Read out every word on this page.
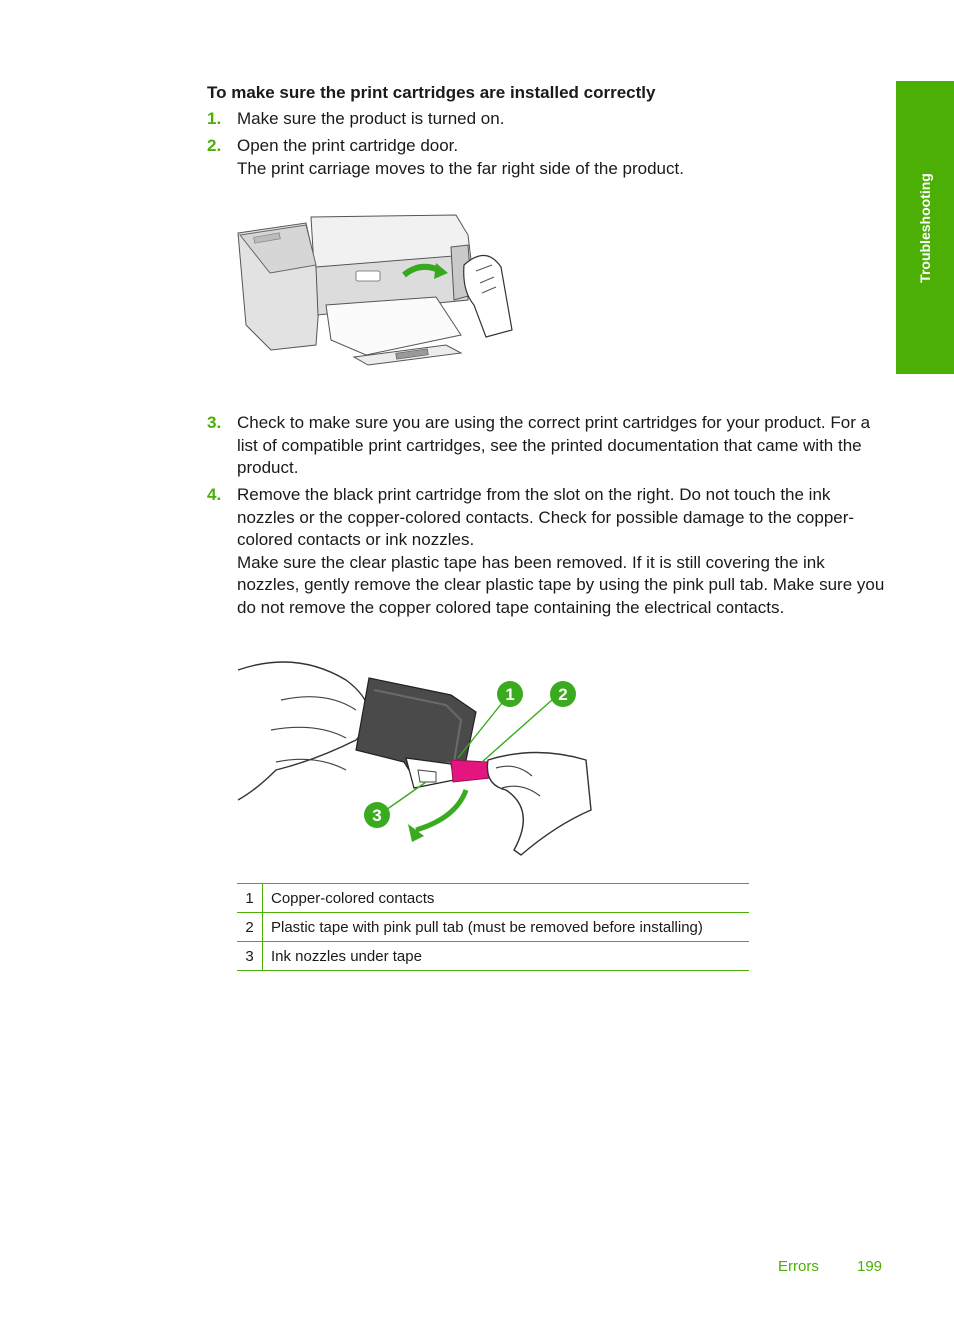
Troubleshooting
To make sure the print cartridges are installed correctly
1. Make sure the product is turned on.

2. Open the print cartridge door.

The print carriage moves to the far right side of the product.

3. Check to make sure you are using the correct print cartridges for your product. For a list of compatible print cartridges, see the printed documentation that came with the product.

4. Remove the black print cartridge from the slot on the right. Do not touch the ink nozzles or the copper-colored contacts. Check for possible damage to the copper-colored contacts or ink nozzles.

Make sure the clear plastic tape has been removed. If it is still covering the ink nozzles, gently remove the clear plastic tape by using the pink pull tab. Make sure you do not remove the copper colored tape containing the electrical contacts.

1	2
3
1	Copper-colored contacts
2	Plastic tape with pink pull tab (must be removed before installing)
3	Ink nozzles under tape
Errors	199
